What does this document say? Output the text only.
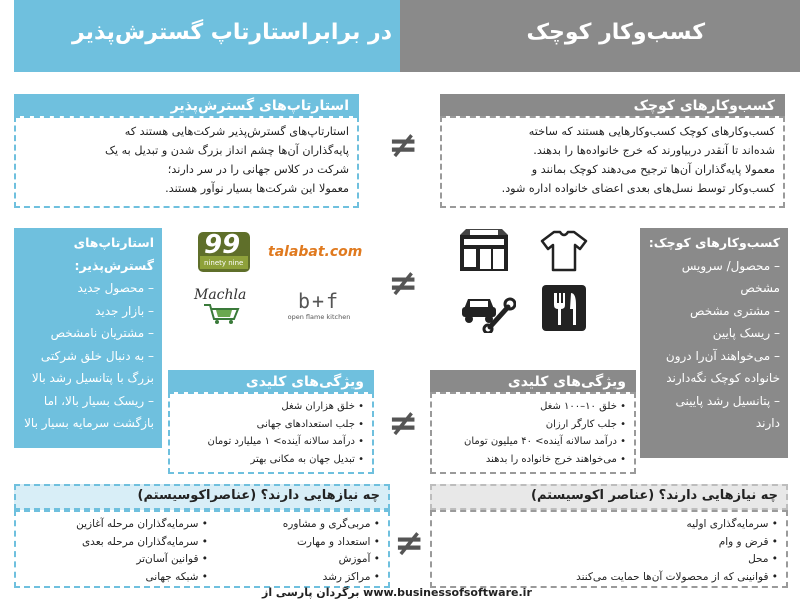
کسب‌وکار کوچک
در برابر
استارتاپ گسترش‌پذیر
کسب‌وکارهای کوچک
کسب‌وکارهای کوچک کسب‌وکارهایی هستند که ساخته
شده‌اند تا آنقدر دربیاورند که خرج خانواده‌ها را بدهند.
معمولا پایه‌گذاران آن‌ها ترجیح می‌دهند کوچک بمانند و
کسب‌وکار توسط نسل‌های بعدی اعضای خانواده اداره شود.
استارتاپ‌های گسترش‌پذیر
استارتاپ‌های گسترش‌پذیر شرکت‌هایی هستند که
پایه‌گذاران آن‌ها چشم انداز بزرگ شدن و تبدیل به یک
شرکت در کلاس جهانی را در سر دارند؛
معمولا این شرکت‌ها بسیار نوآور هستند.
≠
کسب‌وکارهای کوچک:
– محصول/ سرویس
مشخص
– مشتری مشخص
– ریسک پایین
– می‌خواهند آن‌را درون
خانواده کوچک نگه‌دارند
– پتانسیل رشد پایینی
دارند
استارتاپ‌های گسترش‌پذیر:
– محصول جدید
– بازار جدید
– مشتریان نامشخص
– به دنبال خلق شرکتی
بزرگ با پتانسیل رشد بالا
– ریسک بسیار بالا، اما
بازگشت سرمایه بسیار بالا
99
ninety nine
talabat.com
Machla	b+f
open flame kitchen
≠
ویژگی‌های کلیدی
• خلق ۱۰–۱۰۰ شغل
• جلب کارگر ارزان
• درآمد سالانه آینده> ۴۰ میلیون تومان
• می‌خواهند خرج خانواده را بدهند
ویژگی‌های کلیدی
• خلق هزاران شغل
• جلب استعدادهای جهانی
• درآمد سالانه آینده> ۱ میلیارد تومان
• تبدیل جهان به مکانی بهتر
≠
چه نیازهایی دارند؟ (عناصر اکوسیستم)
• سرمایه‌گذاری اولیه
• قرض و وام
• محل
• قوانینی که از محصولات آن‌ها حمایت می‌کنند
چه نیازهایی دارند؟ (عناصراکوسیستم)
• مربی‌گری و مشاوره
• استعداد و مهارت
• آموزش
• مراکز رشد
• سرمایه‌گذاران مرحله آغازین
• سرمایه‌گذاران مرحله بعدی
• قوانین آسان‌تر
• شبکه جهانی
≠
برگردان پارسی از www.businessofsoftware.ir
